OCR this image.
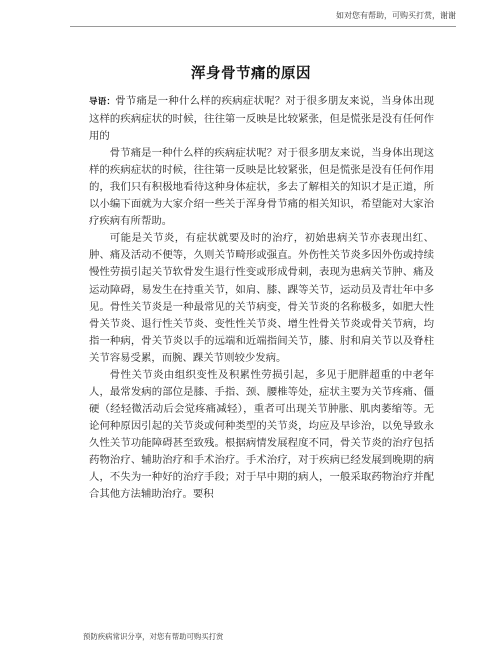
如对您有帮助，可购买打赏，谢谢
浑身骨节痛的原因

导语：骨节痛是一种什么样的疾病症状呢？对于很多朋友来说，当身体出现这样的疾病症状的时候，往往第一反映是比较紧张，但是慌张是没有任何作用的

骨节痛是一种什么样的疾病症状呢？对于很多朋友来说，当身体出现这样的疾病症状的时候，往往第一反映是比较紧张，但是慌张是没有任何作用的，我们只有积极地看待这种身体症状，多去了解相关的知识才是正道，所以小编下面就为大家介绍一些关于浑身骨节痛的相关知识，希望能对大家治疗疾病有所帮助。

可能是关节炎，有症状就要及时的治疗，初始患病关节亦表现出红、肿、痛及活动不便等，久则关节畸形或强直。外伤性关节炎多因外伤或持续慢性劳损引起关节软骨发生退行性变或形成骨刺，表现为患病关节肿、痛及运动障碍，易发生在持重关节，如肩、膝、踝等关节，运动员及青壮年中多见。骨性关节炎是一种最常见的关节病变，骨关节炎的名称极多，如肥大性骨关节炎、退行性关节炎、变性性关节炎、增生性骨关节炎或骨关节病，均指一种病，骨关节炎以手的远端和近端指间关节，膝、肘和肩关节以及脊柱关节容易受累，而腕、踝关节则较少发病。

骨性关节炎由组织变性及积累性劳损引起，多见于肥胖超重的中老年人，最常发病的部位是膝、手指、颈、腰椎等处，症状主要为关节疼痛、僵硬（经轻微活动后会觉疼痛减轻），重者可出现关节肿胀、肌肉萎缩等。无论何种原因引起的关节炎或何种类型的关节炎，均应及早诊治，以免导致永久性关节功能障碍甚至致残。根据病情发展程度不同，骨关节炎的治疗包括药物治疗、辅助治疗和手术治疗。手术治疗，对于疾病已经发展到晚期的病人，不失为一种好的治疗手段；对于早中期的病人，一般采取药物治疗并配合其他方法辅助治疗。要积

预防疾病常识分享，对您有帮助可购买打赏
